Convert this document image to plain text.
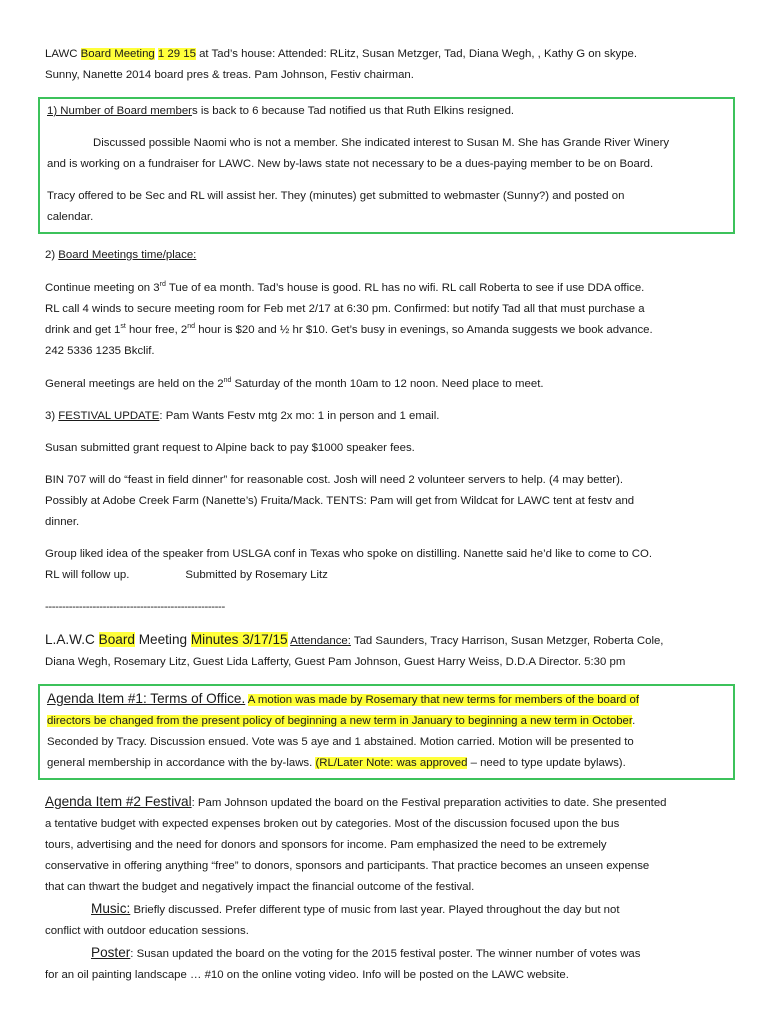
LAWC Board Meeting 1 29 15 at Tad’s house: Attended: RLitz, Susan Metzger, Tad, Diana Wegh, , Kathy G on skype.

Sunny, Nanette 2014 board pres & treas. Pam Johnson, Festiv chairman.

1) Number of Board members is back to 6 because Tad notified us that Ruth Elkins resigned.

Discussed possible Naomi who is not a member. She indicated interest to Susan M. She has Grande River Winery

and is working on a fundraiser for LAWC. New by-laws state not necessary to be a dues-paying member to be on Board.

Tracy offered to be Sec and RL will assist her. They (minutes) get submitted to webmaster (Sunny?) and posted on

calendar.

2) Board Meetings time/place:

Continue meeting on 3rd Tue of ea month. Tad’s house is good. RL has no wifi. RL call Roberta to see if use DDA office.

RL call 4 winds to secure meeting room for Feb met 2/17 at 6:30 pm. Confirmed: but notify Tad all that must purchase a

drink and get 1st hour free, 2nd hour is $20 and ½ hr $10. Get’s busy in evenings, so Amanda suggests we book advance.

242 5336 1235 Bkclif.

General meetings are held on the 2nd Saturday of the month 10am to 12 noon. Need place to meet.

3) FESTIVAL UPDATE: Pam Wants Festv mtg 2x mo: 1 in person and 1 email.

Susan submitted grant request to Alpine back to pay $1000 speaker fees.

BIN 707 will do “feast in field dinner” for reasonable cost. Josh will need 2 volunteer servers to help. (4 may better).

Possibly at Adobe Creek Farm (Nanette’s) Fruita/Mack. TENTS: Pam will get from Wildcat for LAWC tent at festv and

dinner.

Group liked idea of the speaker from USLGA conf in Texas who spoke on distilling. Nanette said he’d like to come to CO.

RL will follow up.	Submitted by Rosemary Litz

-----------------------------------------------------

L.A.W.C Board Meeting Minutes 3/17/15 Attendance: Tad Saunders, Tracy Harrison, Susan Metzger, Roberta Cole,

Diana Wegh, Rosemary Litz, Guest Lida Lafferty, Guest Pam Johnson, Guest Harry Weiss, D.D.A Director. 5:30 pm

Agenda Item #1: Terms of Office. A motion was made by Rosemary that new terms for members of the board of

directors be changed from the present policy of beginning a new term in January to beginning a new term in October.

Seconded by Tracy. Discussion ensued. Vote was 5 aye and 1 abstained. Motion carried. Motion will be presented to

general membership in accordance with the by-laws. (RL/Later Note: was approved – need to type update bylaws).

Agenda Item #2 Festival: Pam Johnson updated the board on the Festival preparation activities to date. She presented

a tentative budget with expected expenses broken out by categories. Most of the discussion focused upon the bus

tours, advertising and the need for donors and sponsors for income. Pam emphasized the need to be extremely

conservative in offering anything “free” to donors, sponsors and participants. That practice becomes an unseen expense

that can thwart the budget and negatively impact the financial outcome of the festival.

Music: Briefly discussed. Prefer different type of music from last year. Played throughout the day but not

conflict with outdoor education sessions.

Poster: Susan updated the board on the voting for the 2015 festival poster. The winner number of votes was

for an oil painting landscape … #10 on the online voting video. Info will be posted on the LAWC website.
